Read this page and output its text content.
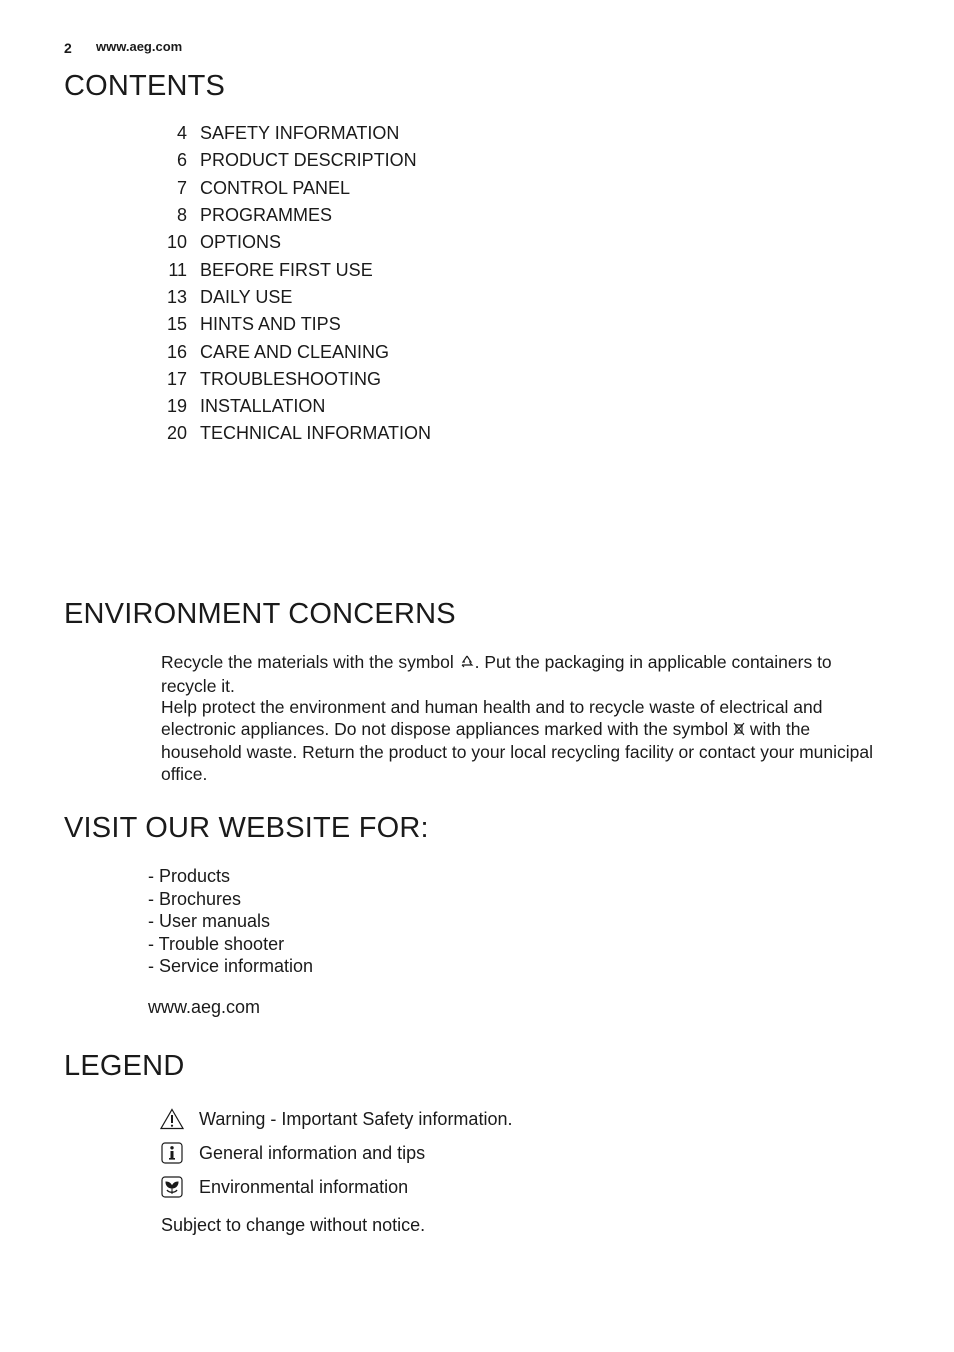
2 www.aeg.com
CONTENTS
4 SAFETY INFORMATION
6 PRODUCT DESCRIPTION
7 CONTROL PANEL
8 PROGRAMMES
10 OPTIONS
11 BEFORE FIRST USE
13 DAILY USE
15 HINTS AND TIPS
16 CARE AND CLEANING
17 TROUBLESHOOTING
19 INSTALLATION
20 TECHNICAL INFORMATION
ENVIRONMENT CONCERNS

Recycle the materials with the symbol . Put the packaging in applicable containers to recycle it.

Help protect the environment and human health and to recycle waste of electrical and electronic appliances. Do not dispose appliances marked with the symbol with the household waste. Return the product to your local recycling facility or contact your municipal office.

VISIT OUR WEBSITE FOR:
- Products
- Brochures
- User manuals
- Trouble shooter
- Service information
www.aeg.com
LEGEND
Warning - Important Safety information.
General information and tips
Environmental information
Subject to change without notice.
